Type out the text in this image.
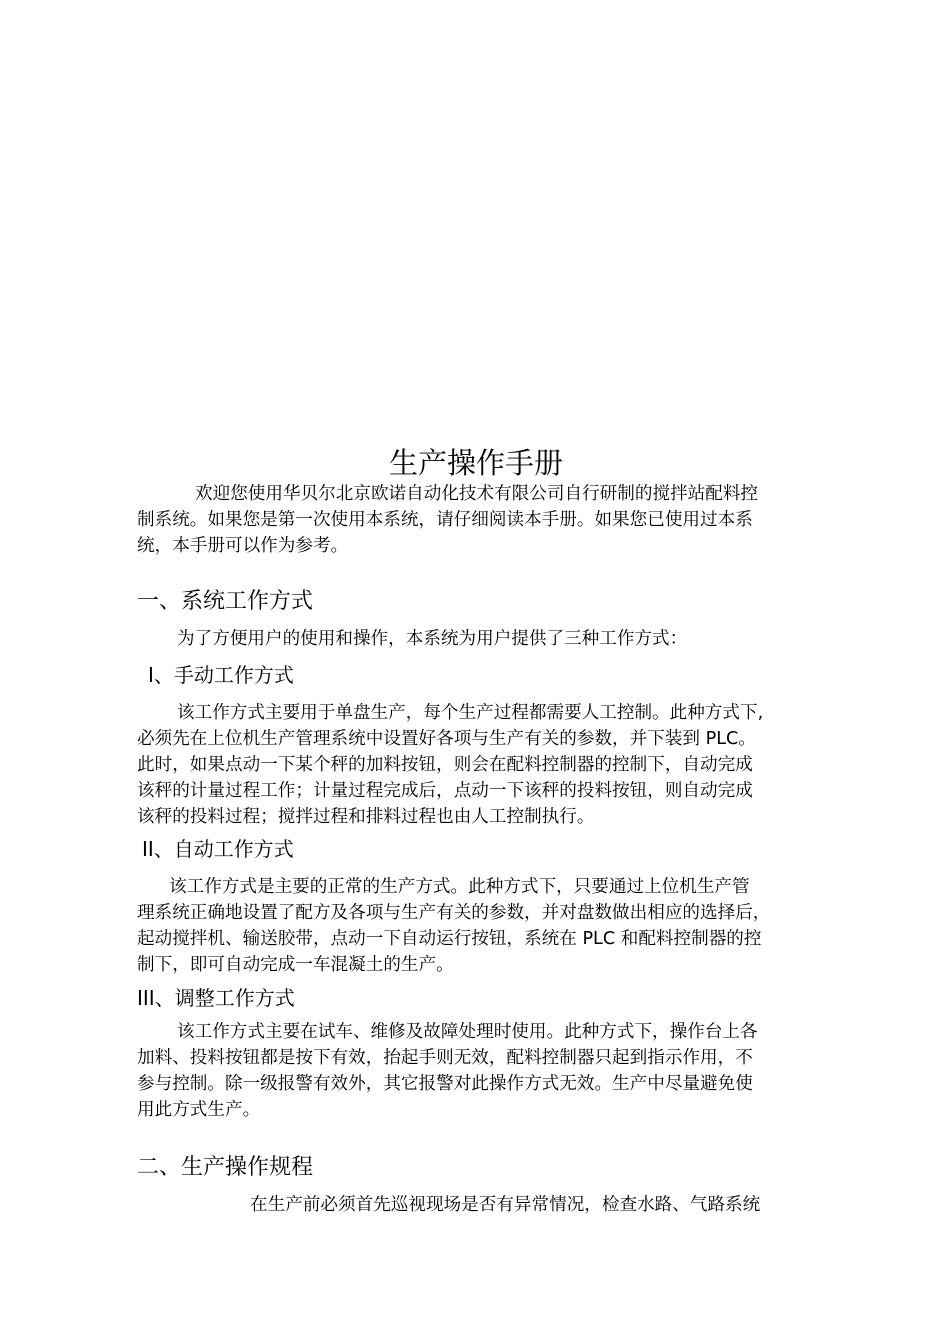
生产操作手册
欢迎您使用华贝尔北京欧诺自动化技术有限公司自行研制的搅拌站配料控
制系统。如果您是第一次使用本系统，请仔细阅读本手册。如果您已使用过本系
统，本手册可以作为参考。
一、系统工作方式
为了方便用户的使用和操作，本系统为用户提供了三种工作方式：
Ⅰ、手动工作方式
该工作方式主要用于单盘生产，每个生产过程都需要人工控制。此种方式下,
必须先在上位机生产管理系统中设置好各项与生产有关的参数，并下装到 PLC。
此时，如果点动一下某个秤的加料按钮，则会在配料控制器的控制下，自动完成
该秤的计量过程工作；计量过程完成后，点动一下该秤的投料按钮，则自动完成
该秤的投料过程；搅拌过程和排料过程也由人工控制执行。
II、自动工作方式
该工作方式是主要的正常的生产方式。此种方式下，只要通过上位机生产管
理系统正确地设置了配方及各项与生产有关的参数，并对盘数做出相应的选择后，
起动搅拌机、输送胶带，点动一下自动运行按钮，系统在 PLC 和配料控制器的控
制下，即可自动完成一车混凝土的生产。
III、调整工作方式
该工作方式主要在试车、维修及故障处理时使用。此种方式下，操作台上各
加料、投料按钮都是按下有效，抬起手则无效，配料控制器只起到指示作用，不
参与控制。除一级报警有效外，其它报警对此操作方式无效。生产中尽量避免使
用此方式生产。
二、生产操作规程
在生产前必须首先巡视现场是否有异常情况，检查水路、气路系统
